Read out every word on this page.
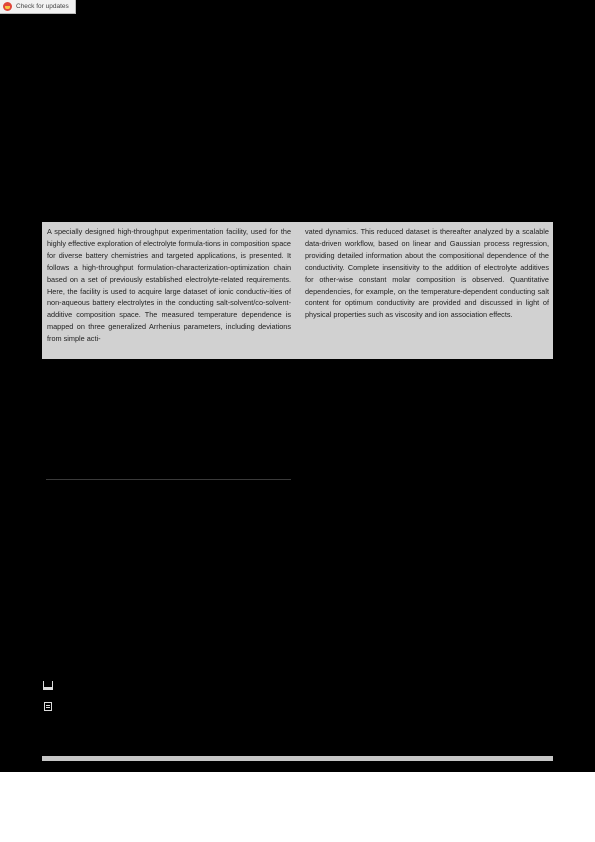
Check for updates
A specially designed high-throughput experimentation facility, used for the highly effective exploration of electrolyte formula-tions in composition space for diverse battery chemistries and targeted applications, is presented. It follows a high-throughput formulation-characterization-optimization chain based on a set of previously established electrolyte-related requirements. Here, the facility is used to acquire large dataset of ionic conductiv-ities of non-aqueous battery electrolytes in the conducting salt-solvent/co-solvent-additive composition space. The measured temperature dependence is mapped on three generalized Arrhenius parameters, including deviations from simple acti-
vated dynamics. This reduced dataset is thereafter analyzed by a scalable data-driven workflow, based on linear and Gaussian process regression, providing detailed information about the compositional dependence of the conductivity. Complete insensitivity to the addition of electrolyte additives for other-wise constant molar composition is observed. Quantitative dependencies, for example, on the temperature-dependent conducting salt content for optimum conductivity are provided and discussed in light of physical properties such as viscosity and ion association effects.
